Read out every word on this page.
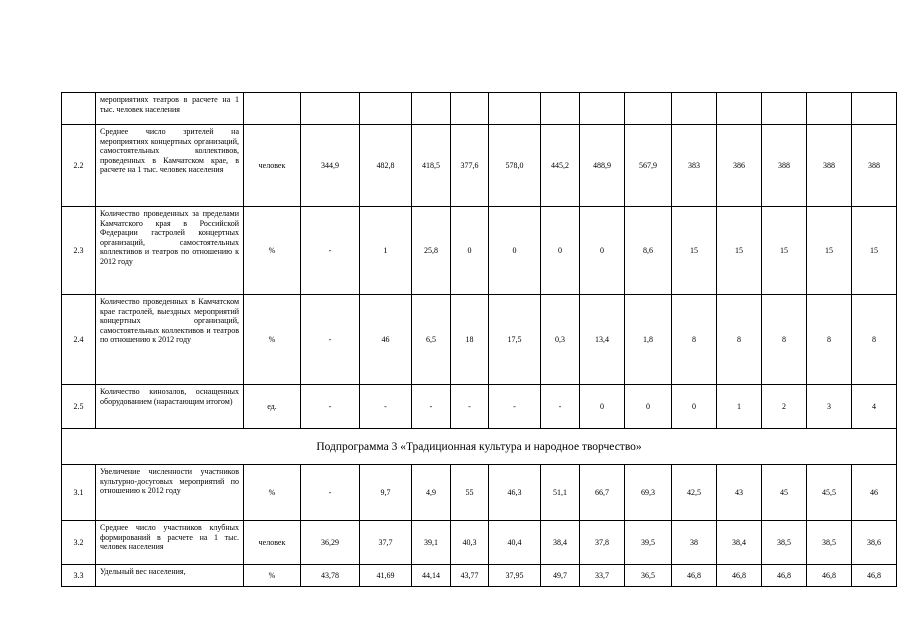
	мероприятиях театров в расчете на 1 тыс. человек населения														

2.2	Среднее число зрителей на мероприятиях концертных организаций, самостоятельных коллективов, проведенных в Камчатском крае, в расчете на 1 тыс. человек населения	человек	344,9	482,8	418,5	377,6	578,0	445,2	488,9	567,9	383	386	388	388	388
2.3	Количество проведенных за пределами Камчатского края в Российской Федерации гастролей концертных организаций, самостоятельных коллективов и театров по отношению к 2012 году	%	-	1	25,8	0	0	0	0	8,6	15	15	15	15	15
2.4	Количество проведенных в Камчатском крае гастролей, выездных мероприятий концертных организаций, самостоятельных коллективов и театров по отношению к 2012 году	%	-	46	6,5	18	17,5	0,3	13,4	1,8	8	8	8	8	8
2.5	Количество кинозалов, оснащенных оборудованием (нарастающим итогом)	ед.	-	-	-	-	-	-	0	0	0	1	2	3	4
Подпрограмма 3 «Традиционная культура и народное творчество»															
3.1	Увеличение численности участников культурно-досуговых мероприятий по отношению к 2012 году	%	-	9,7	4,9	55	46,3	51,1	66,7	69,3	42,5	43	45	45,5	46
3.2	Среднее число участников клубных формирований в расчете на 1 тыс. человек населения	человек	36,29	37,7	39,1	40,3	40,4	38,4	37,8	39,5	38	38,4	38,5	38,5	38,6
3.3	Удельный вес населения,	%	43,78	41,69	44,14	43,77	37,95	49,7	33,7	36,5	46,8	46,8	46,8	46,8	46,8
